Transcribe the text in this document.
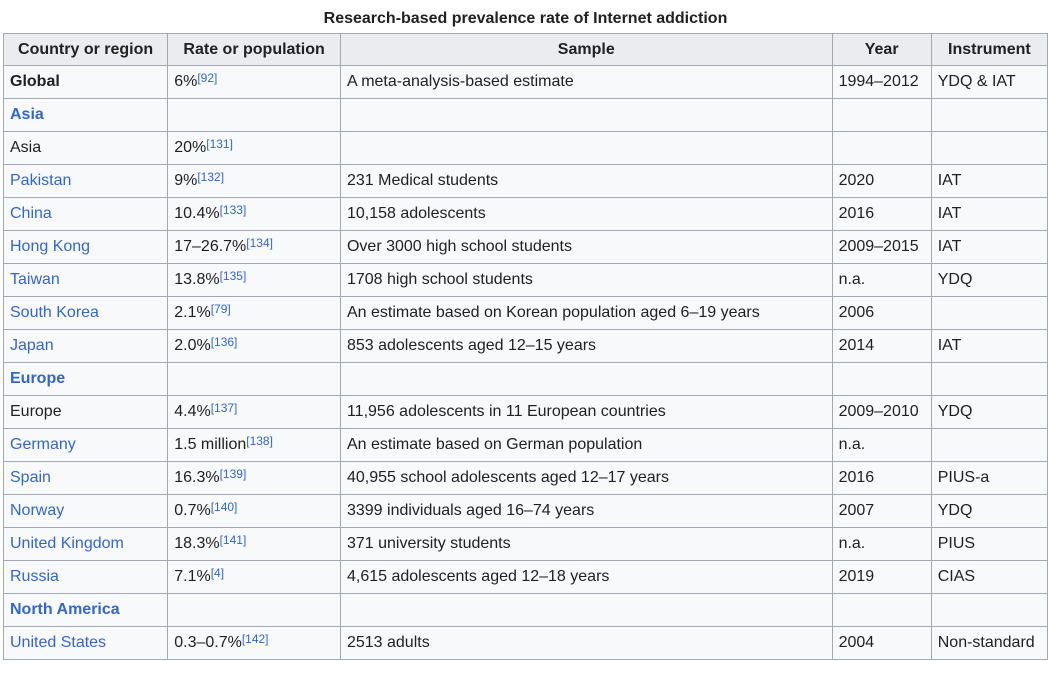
Research-based prevalence rate of Internet addiction
Country or region	Rate or population	Sample	Year	Instrument
Global	6%[92]	A meta-analysis-based estimate	1994–2012	YDQ & IAT
Asia				
Asia	20%[131]			
Pakistan	9%[132]	231 Medical students	2020	IAT
China	10.4%[133]	10,158 adolescents	2016	IAT
Hong Kong	17–26.7%[134]	Over 3000 high school students	2009–2015	IAT
Taiwan	13.8%[135]	1708 high school students	n.a.	YDQ
South Korea	2.1%[79]	An estimate based on Korean population aged 6–19 years	2006	
Japan	2.0%[136]	853 adolescents aged 12–15 years	2014	IAT
Europe				
Europe	4.4%[137]	11,956 adolescents in 11 European countries	2009–2010	YDQ
Germany	1.5 million[138]	An estimate based on German population	n.a.	
Spain	16.3%[139]	40,955 school adolescents aged 12–17 years	2016	PIUS-a
Norway	0.7%[140]	3399 individuals aged 16–74 years	2007	YDQ
United Kingdom	18.3%[141]	371 university students	n.a.	PIUS
Russia	7.1%[4]	4,615 adolescents aged 12–18 years	2019	CIAS
North America				
United States	0.3–0.7%[142]	2513 adults	2004	Non-standard
